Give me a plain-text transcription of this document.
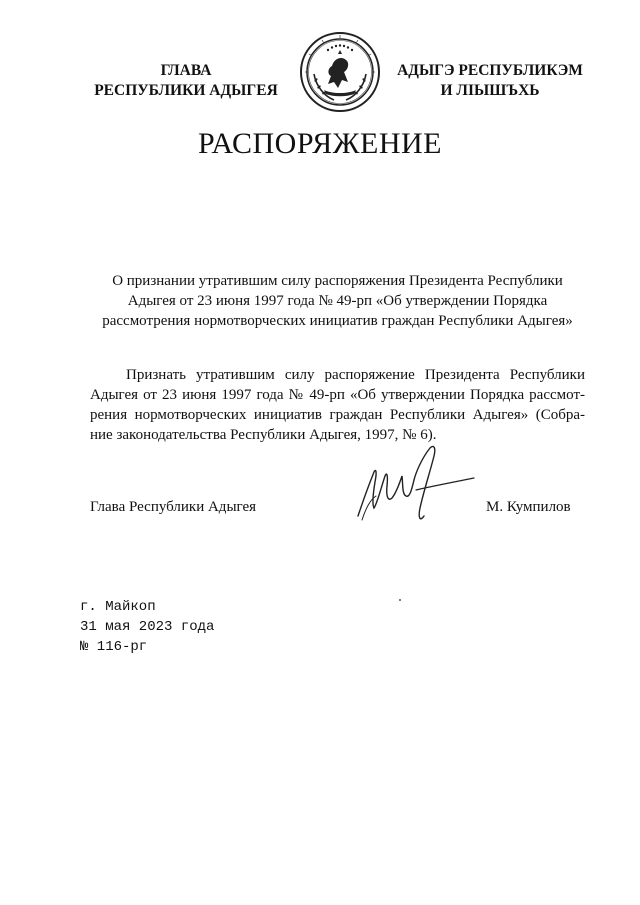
ГЛАВА
РЕСПУБЛИКИ АДЫГЕЯ
АДЫГЭ РЕСПУБЛИКЭМ
И ЛІЫШЪХЬ
РАСПОРЯЖЕНИЕ
О признании утратившим силу распоряжения Президента Республики
Адыгея от 23 июня 1997 года № 49-рп «Об утверждении Порядка
рассмотрения нормотворческих инициатив граждан Республики Адыгея»
Признать утратившим силу распоряжение Президента Республики
Адыгея от 23 июня 1997 года № 49-рп «Об утверждении Порядка рассмот-
рения нормотворческих инициатив граждан Республики Адыгея» (Собра-
ние законодательства Республики Адыгея, 1997, № 6).
Глава Республики Адыгея	М. Кумпилов
г. Майкоп
31 мая 2023 года
№ 116-рг
